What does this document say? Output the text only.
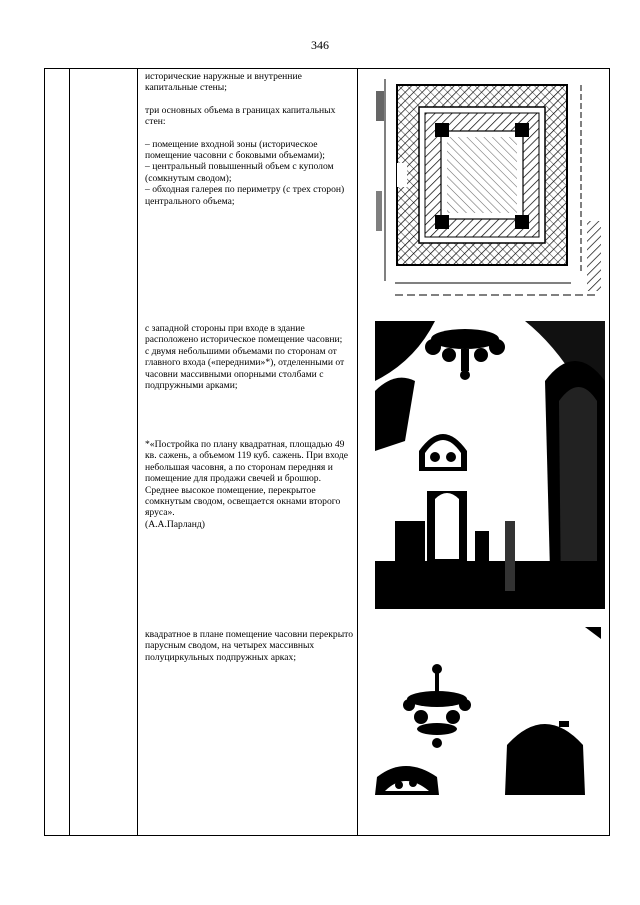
346

исторические наружные и внутренние капитальные стены;

три основных объема в границах капитальных стен:

– помещение входной зоны (историческое помещение часовни с боковыми объемами);

– центральный повышенный объем с куполом (сомкнутым сводом);

– обходная галерея по периметру (с трех сторон) центрального объема;

с западной стороны при входе в здание расположено историческое помещение часовни;

с двумя небольшими объемами по сторонам от главного входа («передними»*), отделенными от часовни массивными опорными столбами с подпружными арками;

*«Постройка по плану квадратная, площадью 49 кв. сажень, а объемом 119 куб. сажень. При входе небольшая часовня, а по сторонам передняя и помещение для продажи свечей и брошюр. Среднее высокое помещение, перекрытое сомкнутым сводом, освещается окнами второго яруса».

(А.А.Парланд)

квадратное в плане помещение часовни перекрыто парусным сводом, на четырех массивных полуциркульных подпружных арках;
